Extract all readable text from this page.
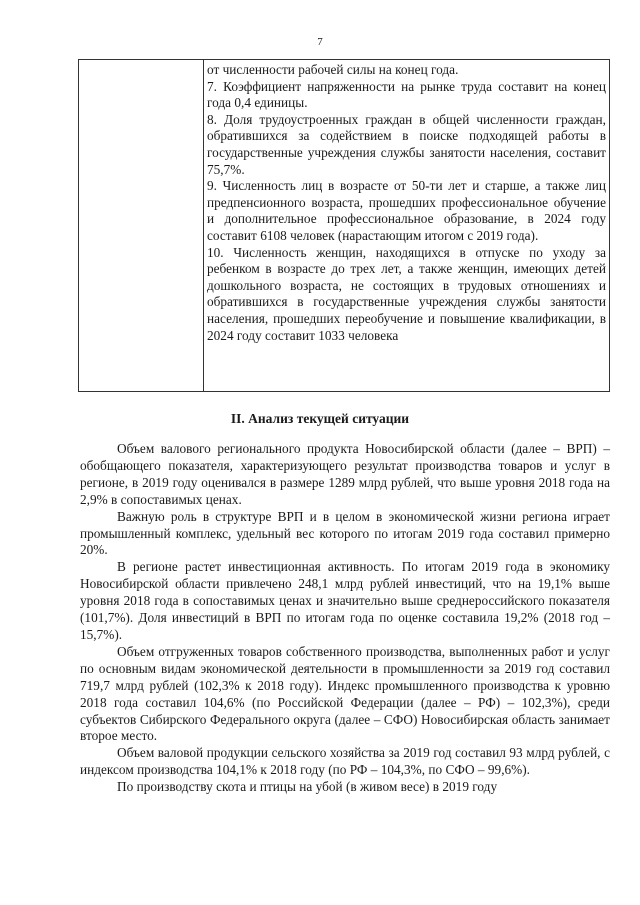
7

от численности рабочей силы на конец года.

7. Коэффициент напряженности на рынке труда составит на конец года 0,4 единицы.

8. Доля трудоустроенных граждан в общей численности граждан, обратившихся за содействием в поиске подходящей работы в государственные учреждения службы занятости населения, составит 75,7%.

9. Численность лиц в возрасте от 50-ти лет и старше, а также лиц предпенсионного возраста, прошедших профессиональное обучение и дополнительное профессиональное образование, в 2024 году составит 6108 человек (нарастающим итогом с 2019 года).

10. Численность женщин, находящихся в отпуске по уходу за ребенком в возрасте до трех лет, а также женщин, имеющих детей дошкольного возраста, не состоящих в трудовых отношениях и обратившихся в государственные учреждения службы занятости населения, прошедших переобучение и повышение квалификации, в 2024 году составит 1033 человека

II. Анализ текущей ситуации

Объем валового регионального продукта Новосибирской области (далее – ВРП) – обобщающего показателя, характеризующего результат производства товаров и услуг в регионе, в 2019 году оценивался в размере 1289 млрд рублей, что выше уровня 2018 года на 2,9% в сопоставимых ценах.

Важную роль в структуре ВРП и в целом в экономической жизни региона играет промышленный комплекс, удельный вес которого по итогам 2019 года составил примерно 20%.

В регионе растет инвестиционная активность. По итогам 2019 года в экономику Новосибирской области привлечено 248,1 млрд рублей инвестиций, что на 19,1% выше уровня 2018 года в сопоставимых ценах и значительно выше среднероссийского показателя (101,7%). Доля инвестиций в ВРП по итогам года по оценке составила 19,2% (2018 год – 15,7%).

Объем отгруженных товаров собственного производства, выполненных работ и услуг по основным видам экономической деятельности в промышленности за 2019 год составил 719,7 млрд рублей (102,3% к 2018 году). Индекс промышленного производства к уровню 2018 года составил 104,6% (по Российской Федерации (далее – РФ) – 102,3%), среди субъектов Сибирского Федерального округа (далее – СФО) Новосибирская область занимает второе место.

Объем валовой продукции сельского хозяйства за 2019 год составил 93 млрд рублей, с индексом производства 104,1% к 2018 году (по РФ – 104,3%, по СФО – 99,6%).

По производству скота и птицы на убой (в живом весе) в 2019 году
